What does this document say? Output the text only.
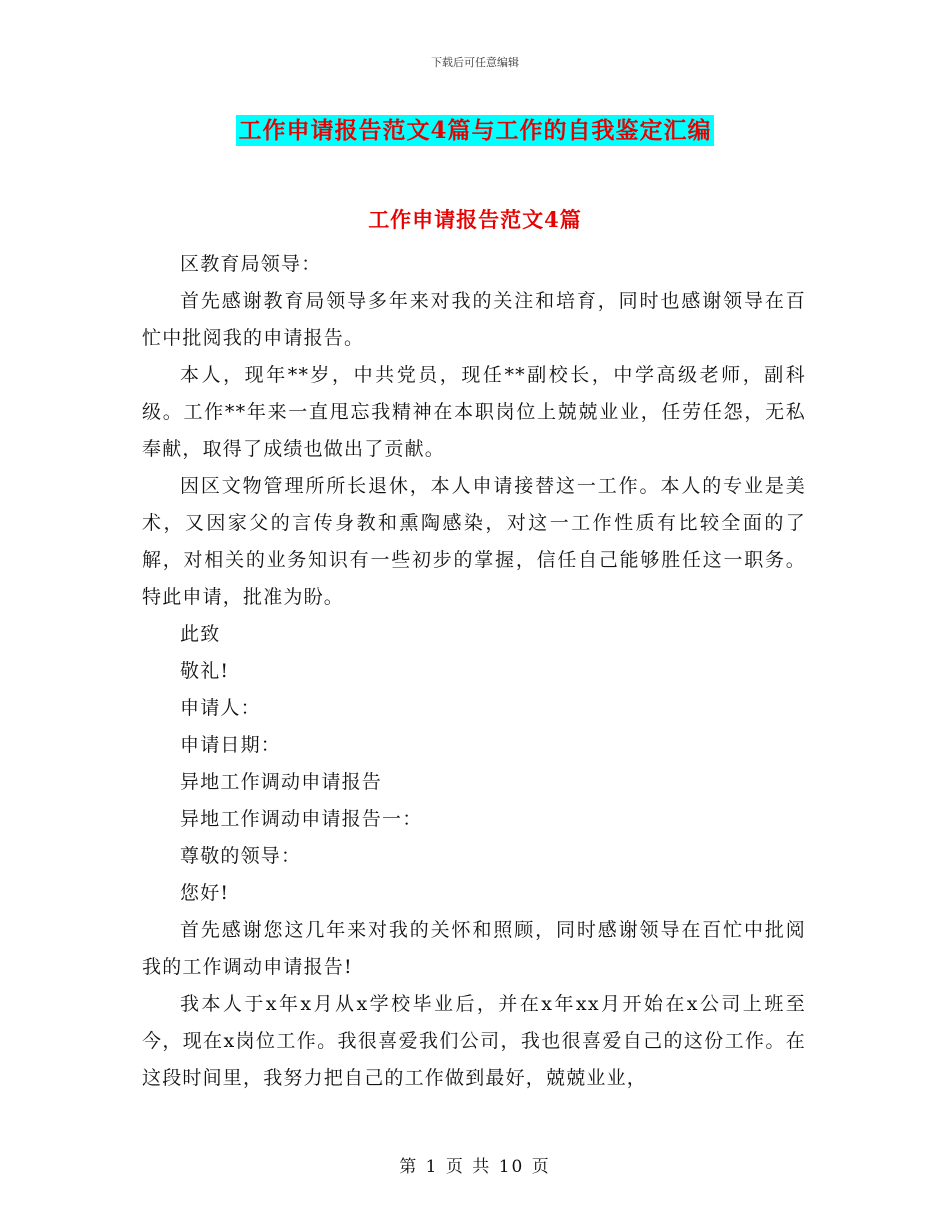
下载后可任意编辑
工作申请报告范文4篇与工作的自我鉴定汇编
工作申请报告范文4篇

区教育局领导：

首先感谢教育局领导多年来对我的关注和培育，同时也感谢领导在百忙中批阅我的申请报告。

本人，现年**岁，中共党员，现任**副校长，中学高级老师，副科级。工作**年来一直甩忘我精神在本职岗位上兢兢业业，任劳任怨，无私奉献，取得了成绩也做出了贡献。

因区文物管理所所长退休，本人申请接替这一工作。本人的专业是美术，又因家父的言传身教和熏陶感染，对这一工作性质有比较全面的了解，对相关的业务知识有一些初步的掌握，信任自己能够胜任这一职务。特此申请，批准为盼。

此致

敬礼!

申请人：

申请日期：

异地工作调动申请报告

异地工作调动申请报告一：

尊敬的领导：

您好!

首先感谢您这几年来对我的关怀和照顾，同时感谢领导在百忙中批阅我的工作调动申请报告!

我本人于x年x月从x学校毕业后，并在x年xx月开始在x公司上班至今，现在x岗位工作。我很喜爱我们公司，我也很喜爱自己的这份工作。在这段时间里，我努力把自己的工作做到最好，兢兢业业，

第 1 页 共 10 页
